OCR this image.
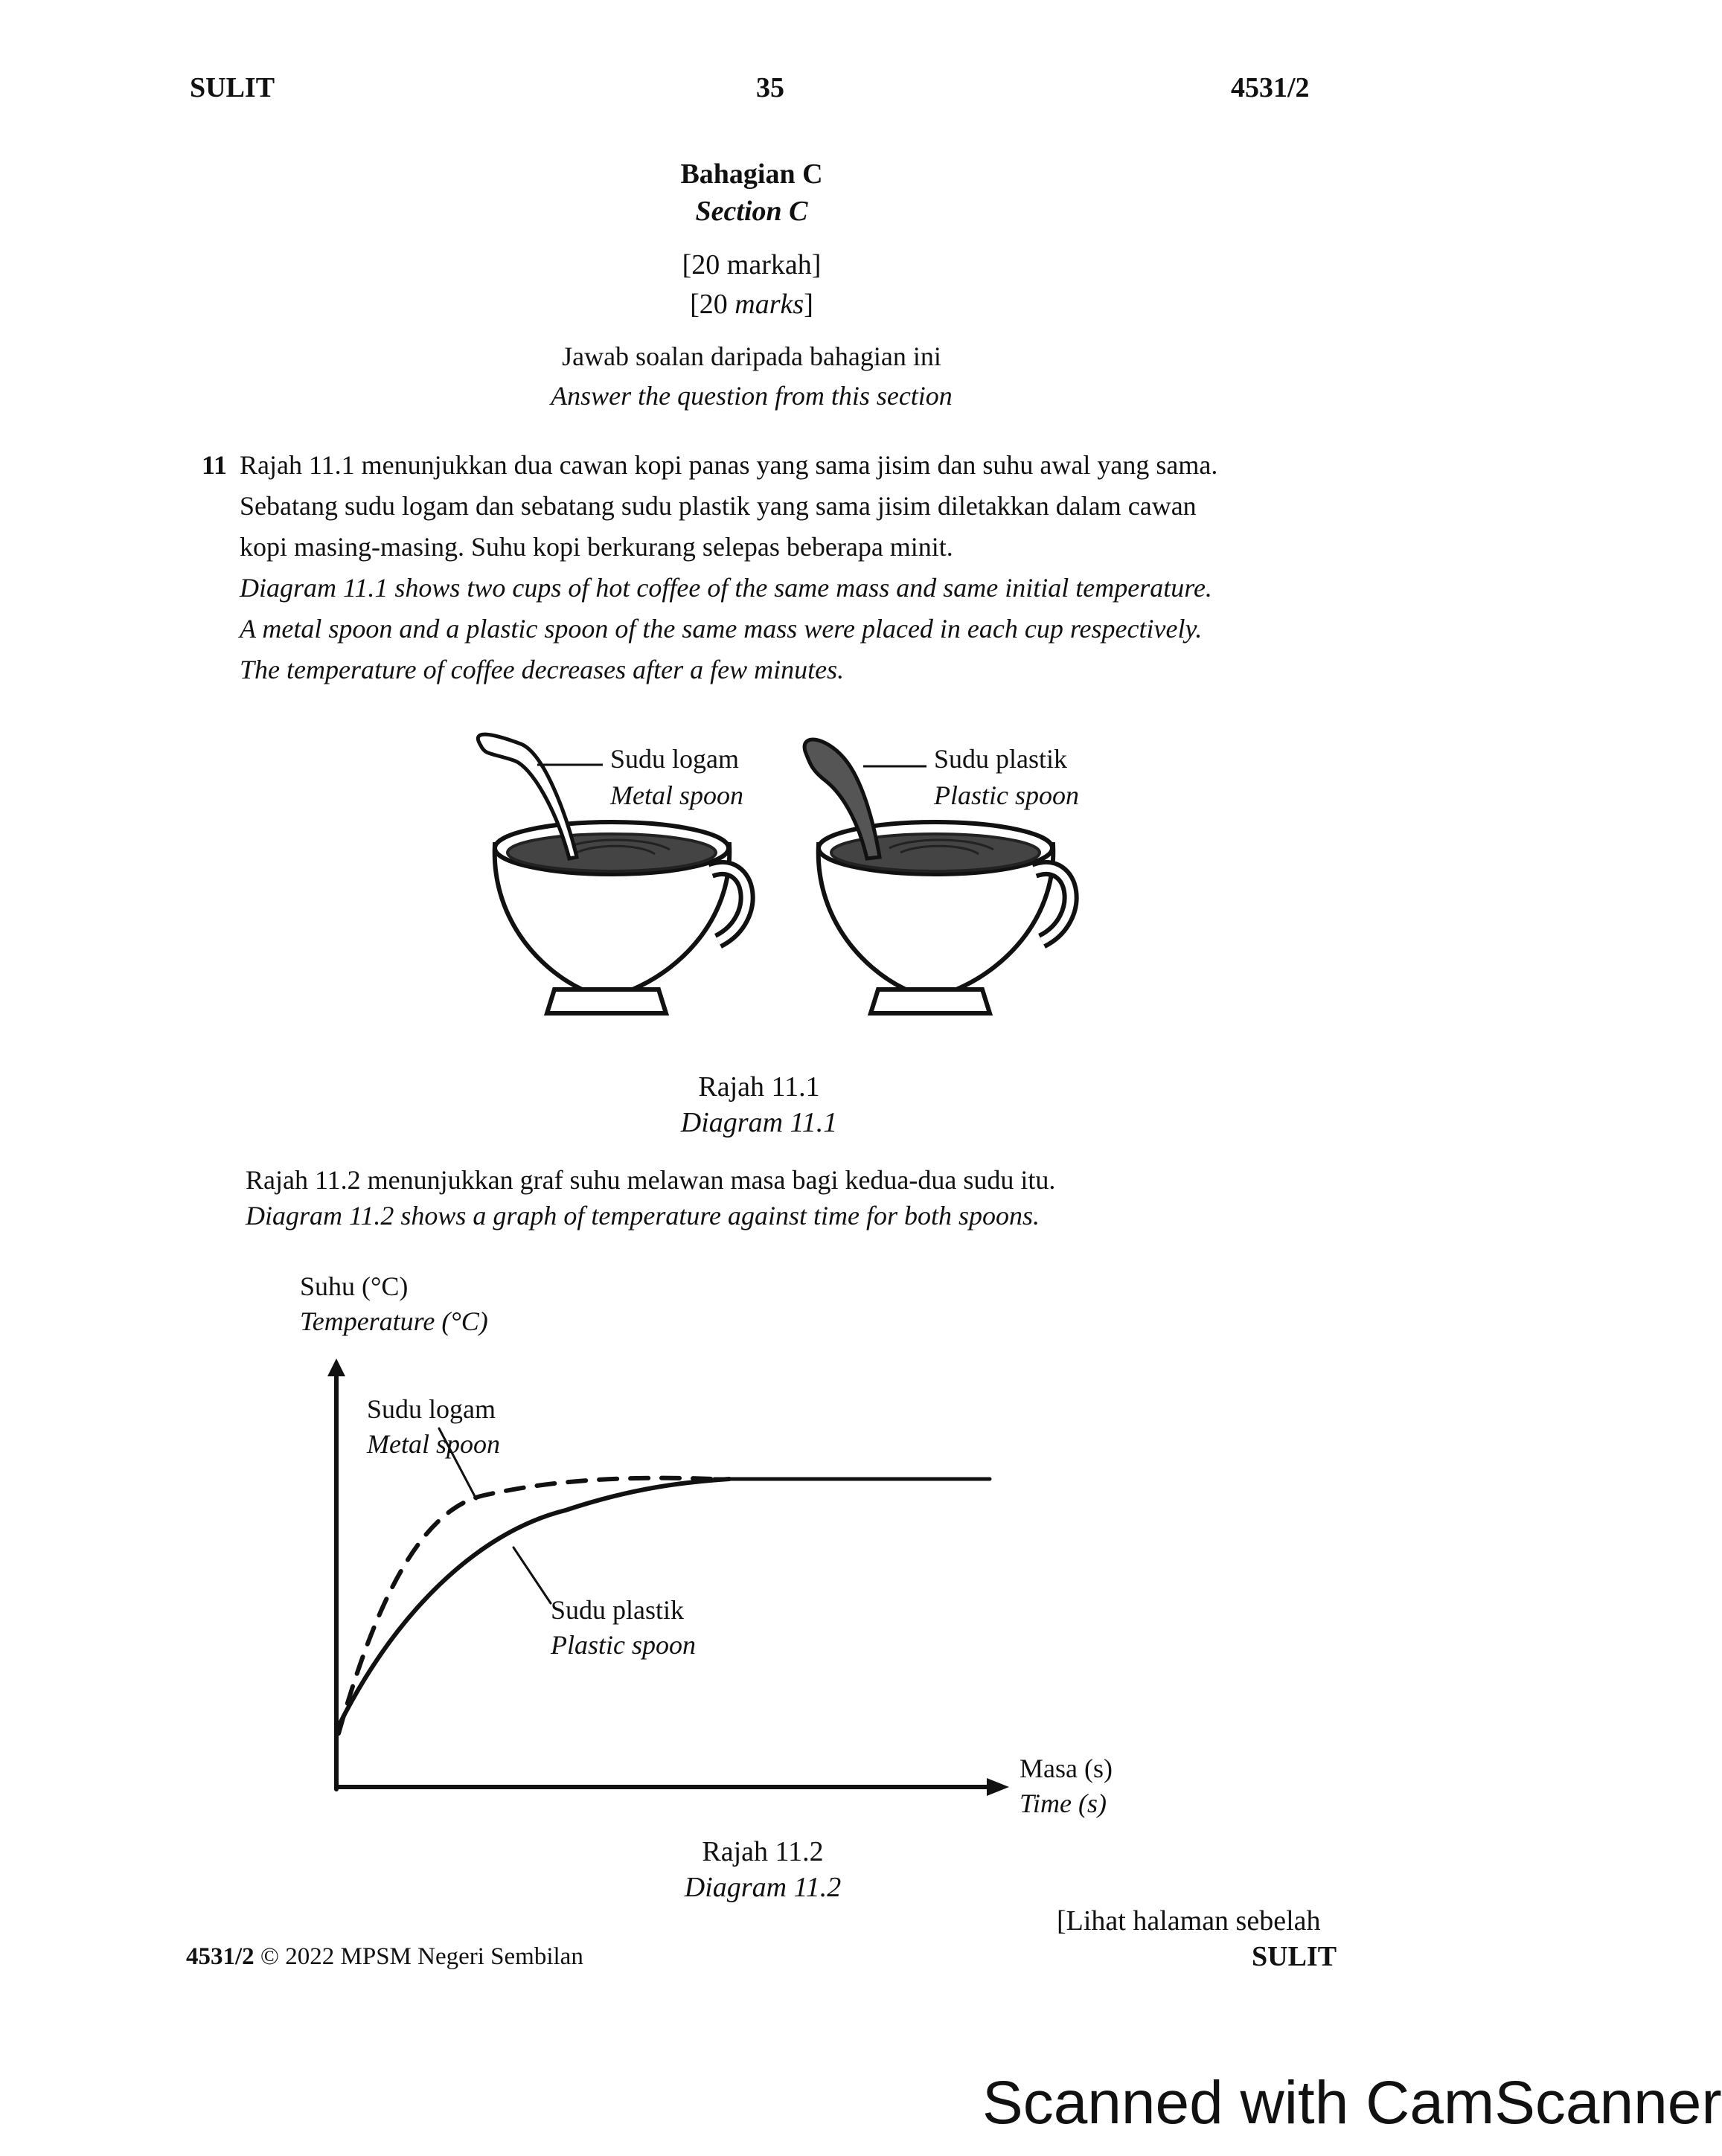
SULIT	35	4531/2
Bahagian C
Section C
[20 markah]
[20 marks]
Jawab soalan daripada bahagian ini
Answer the question from this section
11 Rajah 11.1 menunjukkan dua cawan kopi panas yang sama jisim dan suhu awal yang sama.

Sebatang sudu logam dan sebatang sudu plastik yang sama jisim diletakkan dalam cawan

kopi masing-masing. Suhu kopi berkurang selepas beberapa minit.

Diagram 11.1 shows two cups of hot coffee of the same mass and same initial temperature.

A metal spoon and a plastic spoon of the same mass were placed in each cup respectively.

The temperature of coffee decreases after a few minutes.

Sudu logam
Metal spoon
Sudu plastik
Plastic spoon
Rajah 11.1
Diagram 11.1
Rajah 11.2 menunjukkan graf suhu melawan masa bagi kedua-dua sudu itu.
Diagram 11.2 shows a graph of temperature against time for both spoons.
Suhu (°C)
Temperature (°C)
Sudu logam
Metal spoon
Sudu plastik
Plastic spoon
Masa (s)
Time (s)
Rajah 11.2
Diagram 11.2
[Lihat halaman sebelah
4531/2 © 2022 MPSM Negeri Sembilan	SULIT
Scanned with CamScanner
